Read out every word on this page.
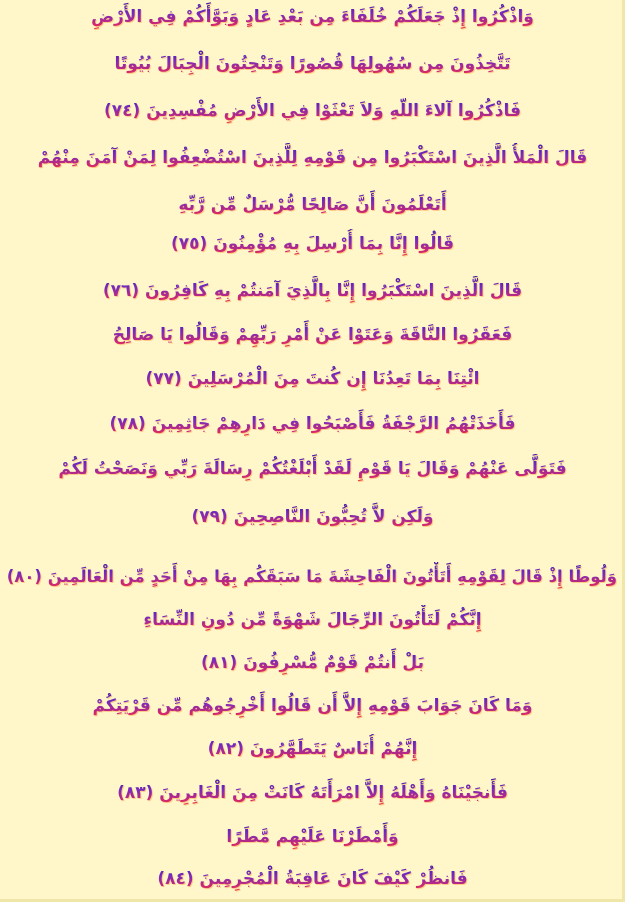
وَاذْكُرُوا إِذْ جَعَلَكُمْ خُلَفَاءَ مِن بَعْدِ عَادٍ وَبَوَّأَكُمْ فِي الأَرْضِ
تَتَّخِذُونَ مِن سُهُولِهَا قُصُورًا وَتَنْحِتُونَ الْجِبَالَ بُيُوتًا
فَاذْكُرُوا آلاءَ اللّهِ وَلاَ تَعْثَوْا فِي الأَرْضِ مُفْسِدِينَ (٧٤)
قَالَ الْمَلأُ الَّذِينَ اسْتَكْبَرُوا مِن قَوْمِهِ لِلَّذِينَ اسْتُضْعِفُوا لِمَنْ آمَنَ مِنْهُمْ
أَتَعْلَمُونَ أَنَّ صَالِحًا مُّرْسَلٌ مِّن رَّبِّهِ
قَالُوا إِنَّا بِمَا أُرْسِلَ بِهِ مُؤْمِنُونَ (٧٥)
قَالَ الَّذِينَ اسْتَكْبَرُوا إِنَّا بِالَّذِيَ آمَنتُمْ بِهِ كَافِرُونَ (٧٦)
فَعَقَرُوا النَّاقَةَ وَعَتَوْا عَنْ أَمْرِ رَبِّهِمْ وَقَالُوا يَا صَالِحُ
ائْتِنَا بِمَا تَعِدُنَا إِن كُنتَ مِنَ الْمُرْسَلِينَ (٧٧)
فَأَخَذَتْهُمُ الرَّجْفَةُ فَأَصْبَحُوا فِي دَارِهِمْ جَاثِمِينَ (٧٨)
فَتَوَلَّى عَنْهُمْ وَقَالَ يَا قَوْمِ لَقَدْ أَبْلَغْتُكُمْ رِسَالَةَ رَبِّي وَنَصَحْتُ لَكُمْ
وَلَكِن لاَّ تُحِبُّونَ النَّاصِحِينَ (٧٩)
وَلُوطًا إِذْ قَالَ لِقَوْمِهِ أَتَأْتُونَ الْفَاحِشَةَ مَا سَبَقَكُم بِهَا مِنْ أَحَدٍ مِّن الْعَالَمِينَ (٨٠)
إِنَّكُمْ لَتَأْتُونَ الرِّجَالَ شَهْوَةً مِّن دُونِ النِّسَاءِ
بَلْ أَنتُمْ قَوْمٌ مُّسْرِفُونَ (٨١)
وَمَا كَانَ جَوَابَ قَوْمِهِ إِلاَّ أَن قَالُوا أَخْرِجُوهُم مِّن قَرْيَتِكُمْ
إِنَّهُمْ أُنَاسٌ يَتَطَهَّرُونَ (٨٢)
فَأَنجَيْنَاهُ وَأَهْلَهُ إِلاَّ امْرَأَتَهُ كَانَتْ مِنَ الْغَابِرِينَ (٨٣)
وَأَمْطَرْنَا عَلَيْهِم مَّطَرًا
فَانظُرْ كَيْفَ كَانَ عَاقِبَةُ الْمُجْرِمِينَ (٨٤)
